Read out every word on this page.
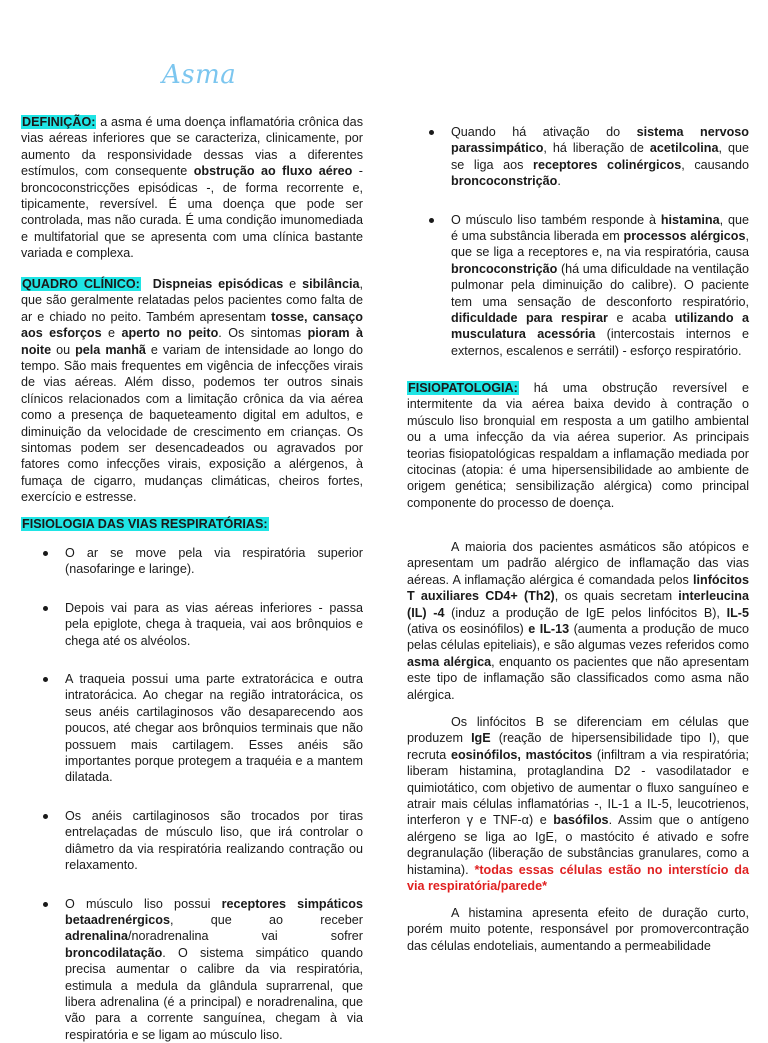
Asma

DEFINIÇÃO: a asma é uma doença inflamatória crônica das vias aéreas inferiores que se caracteriza, clinicamente, por aumento da responsividade dessas vias a diferentes estímulos, com consequente obstrução ao fluxo aéreo - broncoconstricções episódicas -, de forma recorrente e, tipicamente, reversível. É uma doença que pode ser controlada, mas não curada. É uma condição imunomediada e multifatorial que se apresenta com uma clínica bastante variada e complexa.

QUADRO CLÍNICO: Dispneias episódicas e sibilância, que são geralmente relatadas pelos pacientes como falta de ar e chiado no peito. Também apresentam tosse, cansaço aos esforços e aperto no peito. Os sintomas pioram à noite ou pela manhã e variam de intensidade ao longo do tempo. São mais frequentes em vigência de infecções virais de vias aéreas. Além disso, podemos ter outros sinais clínicos relacionados com a limitação crônica da via aérea como a presença de baqueteamento digital em adultos, e diminuição da velocidade de crescimento em crianças. Os sintomas podem ser desencadeados ou agravados por fatores como infecções virais, exposição a alérgenos, à fumaça de cigarro, mudanças climáticas, cheiros fortes, exercício e estresse.

FISIOLOGIA DAS VIAS RESPIRATÓRIAS:

O ar se move pela via respiratória superior (nasofaringe e laringe).
Depois vai para as vias aéreas inferiores - passa pela epiglote, chega à traqueia, vai aos brônquios e chega até os alvéolos.
A traqueia possui uma parte extratorácica e outra intratorácica. Ao chegar na região intratorácica, os seus anéis cartilaginosos vão desaparecendo aos poucos, até chegar aos brônquios terminais que não possuem mais cartilagem. Esses anéis são importantes porque protegem a traquéia e a mantem dilatada.
Os anéis cartilaginosos são trocados por tiras entrelaçadas de músculo liso, que irá controlar o diâmetro da via respiratória realizando contração ou relaxamento.
O músculo liso possui receptores simpáticos betaadrenérgicos, que ao receber adrenalina/noradrenalina vai sofrer broncodilatação. O sistema simpático quando precisa aumentar o calibre da via respiratória, estimula a medula da glândula suprarrenal, que libera adrenalina (é a principal) e noradrenalina, que vão para a corrente sanguínea, chegam à via respiratória e se ligam ao músculo liso.
Quando há ativação do sistema nervoso parassimpático, há liberação de acetilcolina, que se liga aos receptores colinérgicos, causando broncoconstrição.
O músculo liso também responde à histamina, que é uma substância liberada em processos alérgicos, que se liga a receptores e, na via respiratória, causa broncoconstrição (há uma dificuldade na ventilação pulmonar pela diminuição do calibre). O paciente tem uma sensação de desconforto respiratório, dificuldade para respirar e acaba utilizando a musculatura acessória (intercostais internos e externos, escalenos e serrátil) - esforço respiratório.

FISIOPATOLOGIA: há uma obstrução reversível e intermitente da via aérea baixa devido à contração o músculo liso bronquial em resposta a um gatilho ambiental ou a uma infecção da via aérea superior. As principais teorias fisiopatológicas respaldam a inflamação mediada por citocinas (atopia: é uma hipersensibilidade ao ambiente de origem genética; sensibilização alérgica) como principal componente do processo de doença.

A maioria dos pacientes asmáticos são atópicos e apresentam um padrão alérgico de inflamação das vias aéreas. A inflamação alérgica é comandada pelos linfócitos T auxiliares CD4+ (Th2), os quais secretam interleucina (IL) -4 (induz a produção de IgE pelos linfócitos B), IL-5 (ativa os eosinófilos) e IL-13 (aumenta a produção de muco pelas células epiteliais), e são algumas vezes referidos como asma alérgica, enquanto os pacientes que não apresentam este tipo de inflamação são classificados como asma não alérgica.

Os linfócitos B se diferenciam em células que produzem IgE (reação de hipersensibilidade tipo I), que recruta eosinófilos, mastócitos (infiltram a via respiratória; liberam histamina, protaglandina D2 - vasodilatador e quimiotático, com objetivo de aumentar o fluxo sanguíneo e atrair mais células inflamatórias -, IL-1 a IL-5, leucotrienos, interferon γ e TNF-α) e basófilos. Assim que o antígeno alérgeno se liga ao IgE, o mastócito é ativado e sofre degranulação (liberação de substâncias granulares, como a histamina). *todas essas células estão no interstício da via respiratória/parede*

A histamina apresenta efeito de duração curto, porém muito potente, responsável por promovercontração das células endoteliais, aumentando a permeabilidade
